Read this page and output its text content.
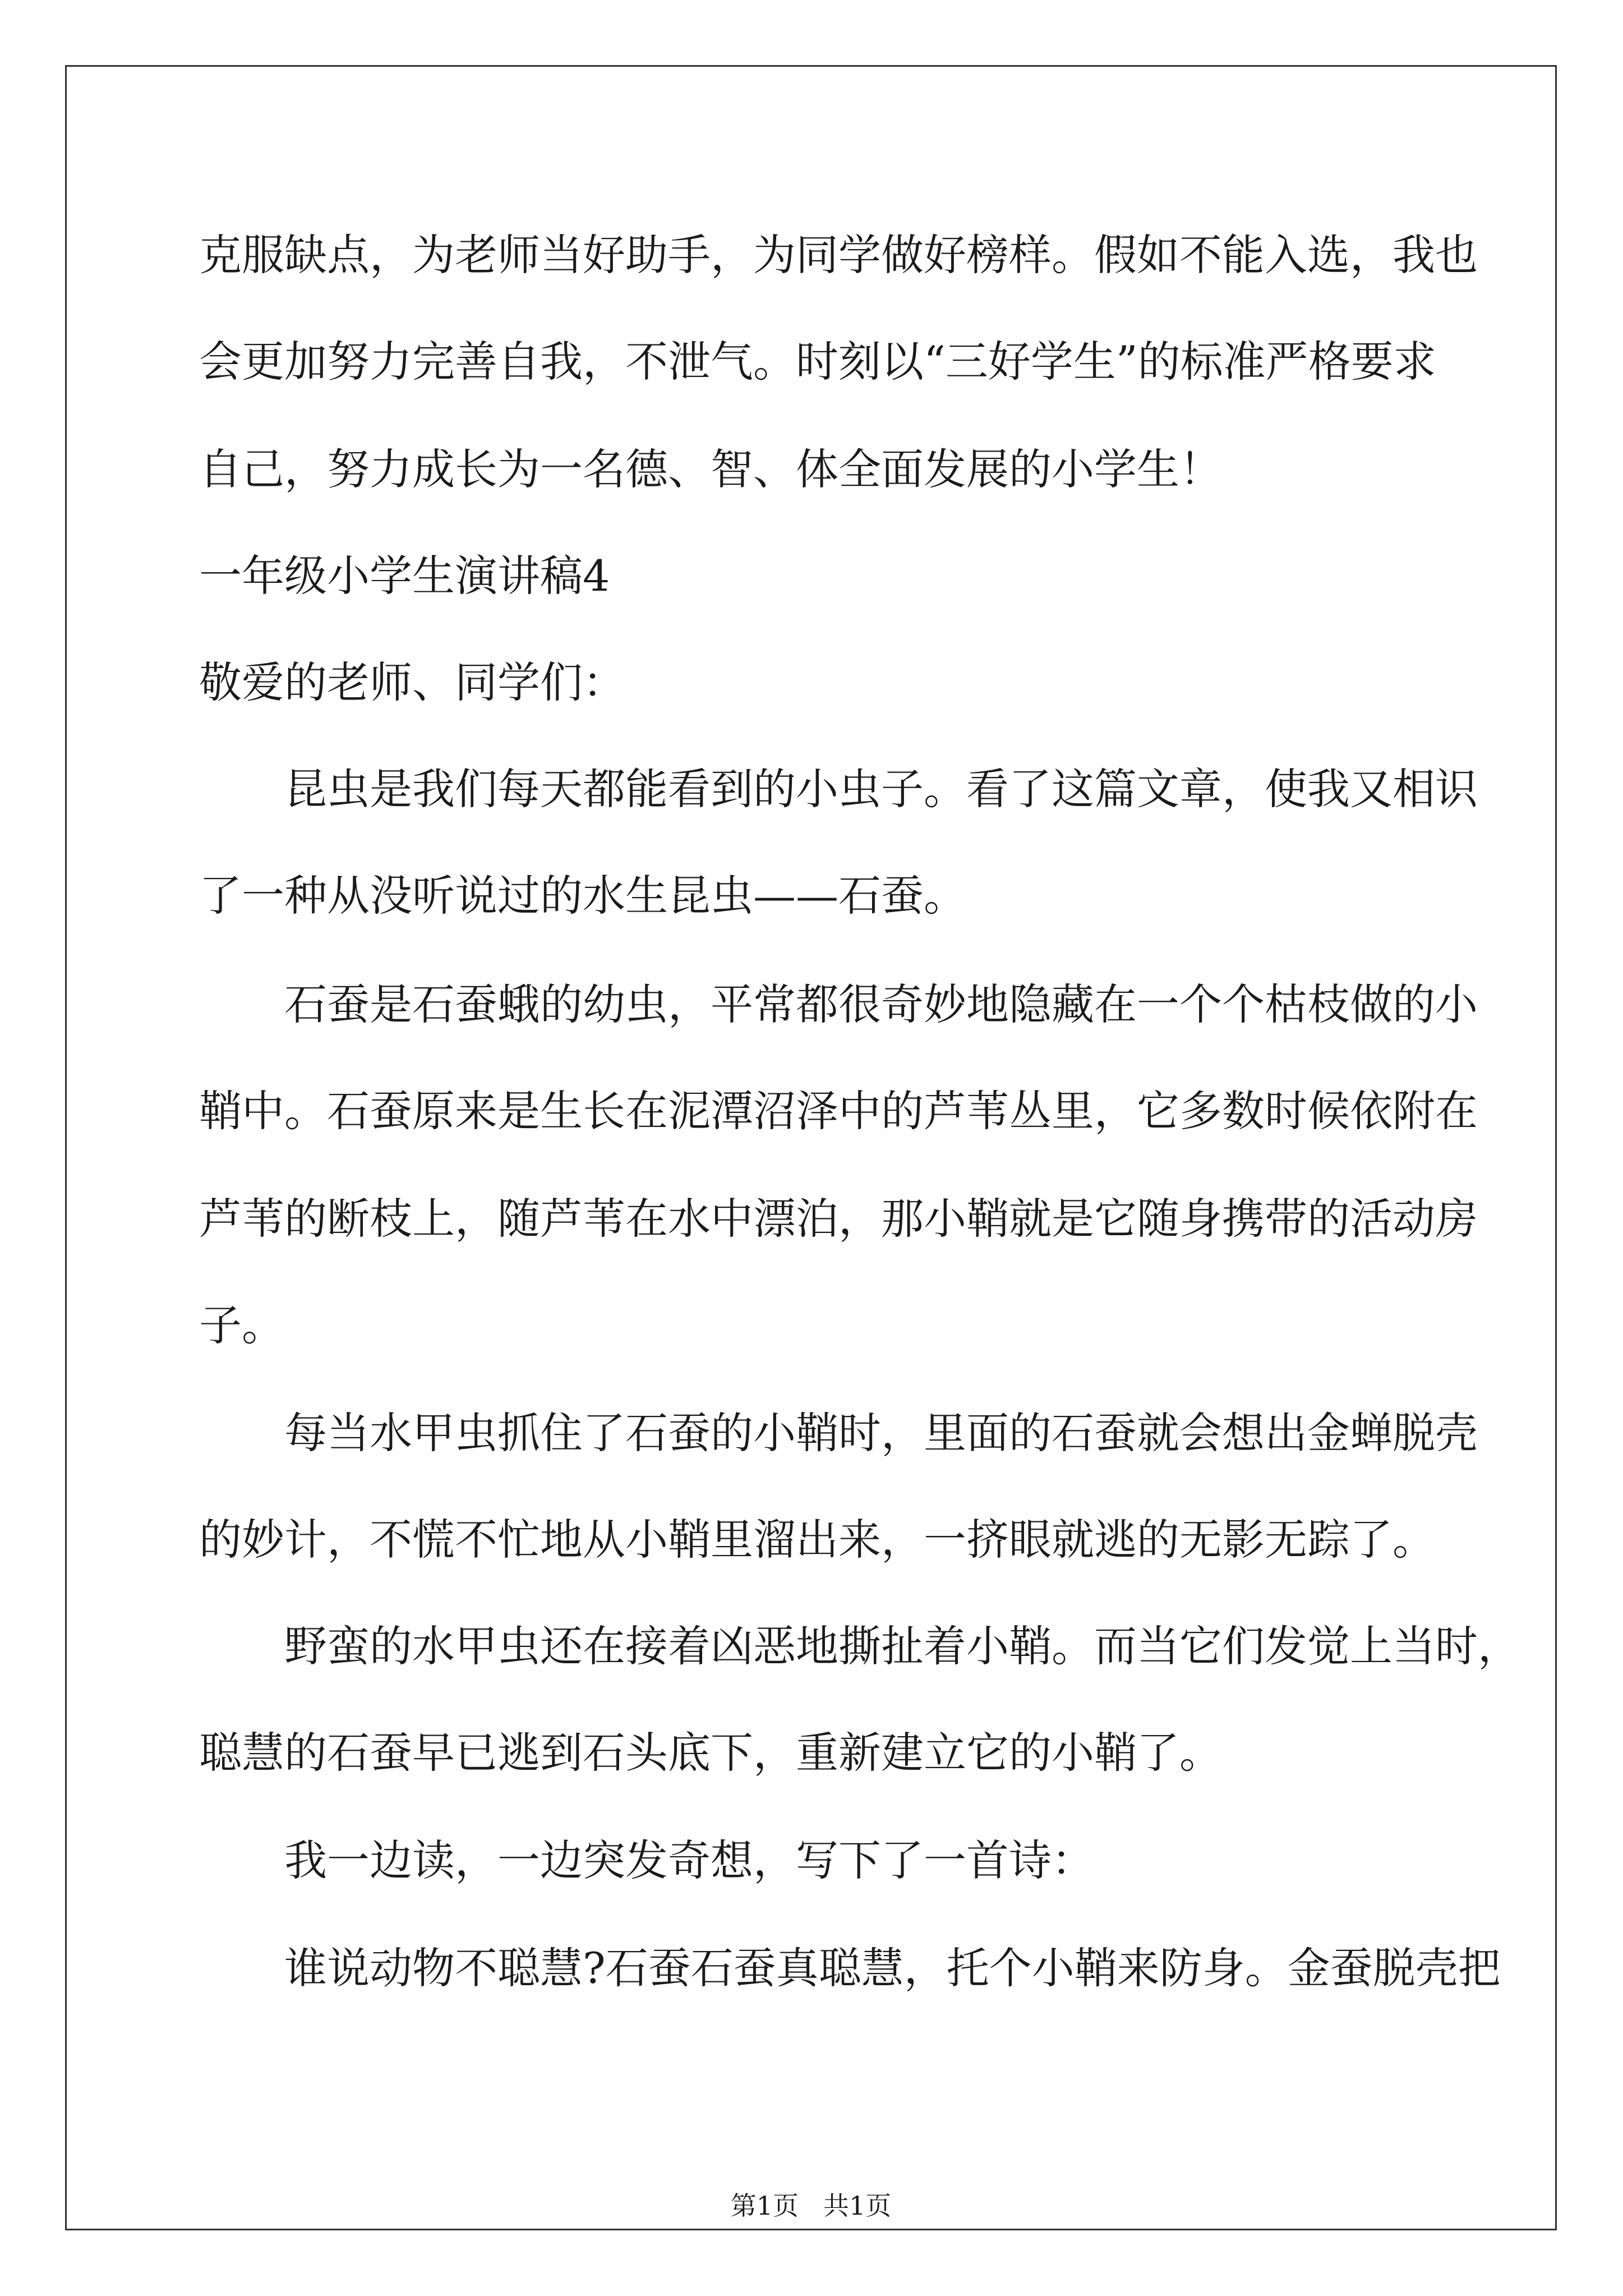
克服缺点，为老师当好助手，为同学做好榜样。假如不能入选，我也
会更加努力完善自我，不泄气。时刻以“三好学生”的标准严格要求
自己，努力成长为一名德、智、体全面发展的小学生！
一年级小学生演讲稿4
敬爱的老师、同学们：
昆虫是我们每天都能看到的小虫子。看了这篇文章，使我又相识
了一种从没听说过的水生昆虫——石蚕。
石蚕是石蚕蛾的幼虫，平常都很奇妙地隐藏在一个个枯枝做的小
鞘中。石蚕原来是生长在泥潭沼泽中的芦苇丛里，它多数时候依附在
芦苇的断枝上，随芦苇在水中漂泊，那小鞘就是它随身携带的活动房
子。
每当水甲虫抓住了石蚕的小鞘时，里面的石蚕就会想出金蝉脱壳
的妙计，不慌不忙地从小鞘里溜出来，一挤眼就逃的无影无踪了。
野蛮的水甲虫还在接着凶恶地撕扯着小鞘。而当它们发觉上当时，
聪慧的石蚕早已逃到石头底下，重新建立它的小鞘了。
我一边读，一边突发奇想，写下了一首诗：
谁说动物不聪慧?石蚕石蚕真聪慧，托个小鞘来防身。金蚕脱壳把
第1页 共1页
